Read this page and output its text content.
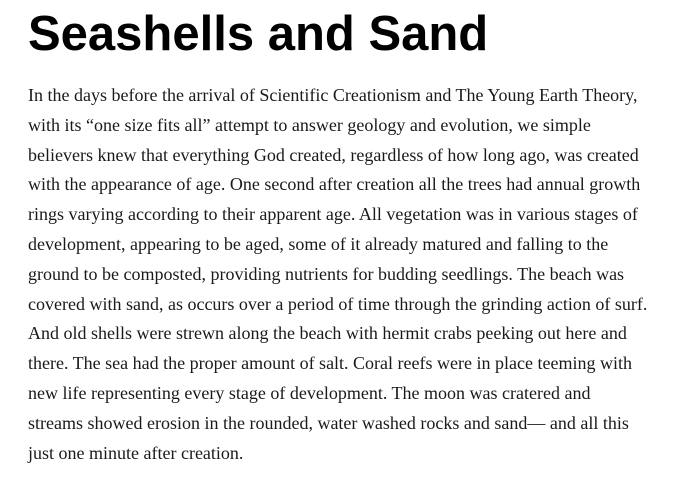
Seashells and Sand

In the days before the arrival of Scientific Creationism and The Young Earth Theory,
with its “one size fits all” attempt to answer geology and evolution, we simple
believers knew that everything God created, regardless of how long ago, was created
with the appearance of age. One second after creation all the trees had annual growth
rings varying according to their apparent age. All vegetation was in various stages of
development, appearing to be aged, some of it already matured and falling to the
ground to be composted, providing nutrients for budding seedlings. The beach was
covered with sand, as occurs over a period of time through the grinding action of surf.
And old shells were strewn along the beach with hermit crabs peeking out here and
there. The sea had the proper amount of salt. Coral reefs were in place teeming with
new life representing every stage of development. The moon was cratered and
streams showed erosion in the rounded, water washed rocks and sand— and all this
just one minute after creation.
